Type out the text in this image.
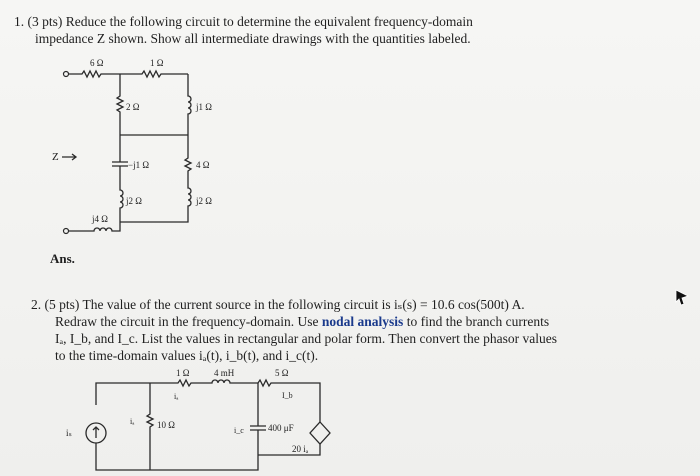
1. (3 pts) Reduce the following circuit to determine the equivalent frequency-domain
impedance Z shown. Show all intermediate drawings with the quantities labeled.
Ans.
2. (5 pts) The value of the current source in the following circuit is iₛ(s) = 10.6 cos(500t) A.
Redraw the circuit in the frequency-domain. Use nodal analysis to find the branch currents
Iₐ, I_b, and I_c. List the values in rectangular and polar form. Then convert the phasor values
to the time-domain values iₐ(t), i_b(t), and i_c(t).
6 Ω	1 Ω
2 Ω	j1 Ω
−j1 Ω
j2 Ω
4 Ω
j2 Ω
j4 Ω
Z
1 Ω	4 mH	5 Ω
iₛ
10 Ω
iₐ
iₐ
400 μF
i_c
I_b
20 iₐ
